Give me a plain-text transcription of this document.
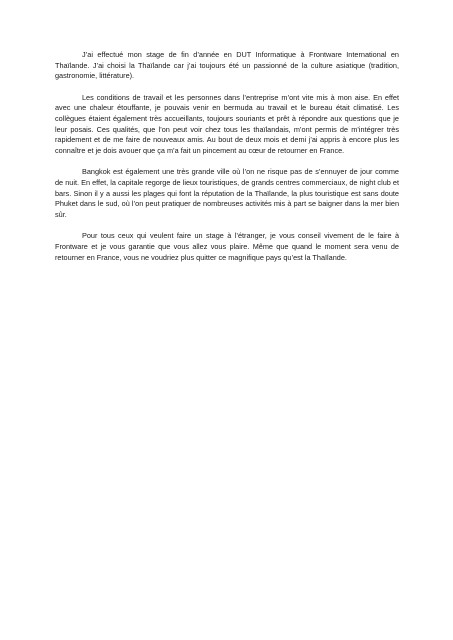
J’ai effectué mon stage de fin d’année en DUT Informatique à Frontware International en Thaïlande. J’ai choisi la Thaïlande car j’ai toujours été un passionné de la culture asiatique (tradition, gastronomie, littérature).

Les conditions de travail et les personnes dans l’entreprise m’ont vite mis à mon aise. En effet avec une chaleur étouffante, je pouvais venir en bermuda au travail et le bureau était climatisé. Les collègues étaient également très accueillants, toujours souriants et prêt à répondre aux questions que je leur posais. Ces qualités, que l’on peut voir chez tous les thaïlandais, m’ont permis de m’intégrer très rapidement et de me faire de nouveaux amis. Au bout de deux mois et demi j’ai appris à encore plus les connaître et je dois avouer que ça m’a fait un pincement au cœur de retourner en France.

Bangkok est également une très grande ville où l’on ne risque pas de s’ennuyer de jour comme de nuit. En effet, la capitale regorge de lieux touristiques, de grands centres commerciaux, de night club et bars. Sinon il y a aussi les plages qui font la réputation de la Thaïlande, la plus touristique est sans doute Phuket dans le sud, où l’on peut pratiquer de nombreuses activités mis à part se baigner dans la mer bien sûr.

Pour tous ceux qui veulent faire un stage à l’étranger, je vous conseil vivement de le faire à Frontware et je vous garantie que vous allez vous plaire. Même que quand le moment sera venu de retourner en France, vous ne voudriez plus quitter ce magnifique pays qu’est la Thaïlande.
